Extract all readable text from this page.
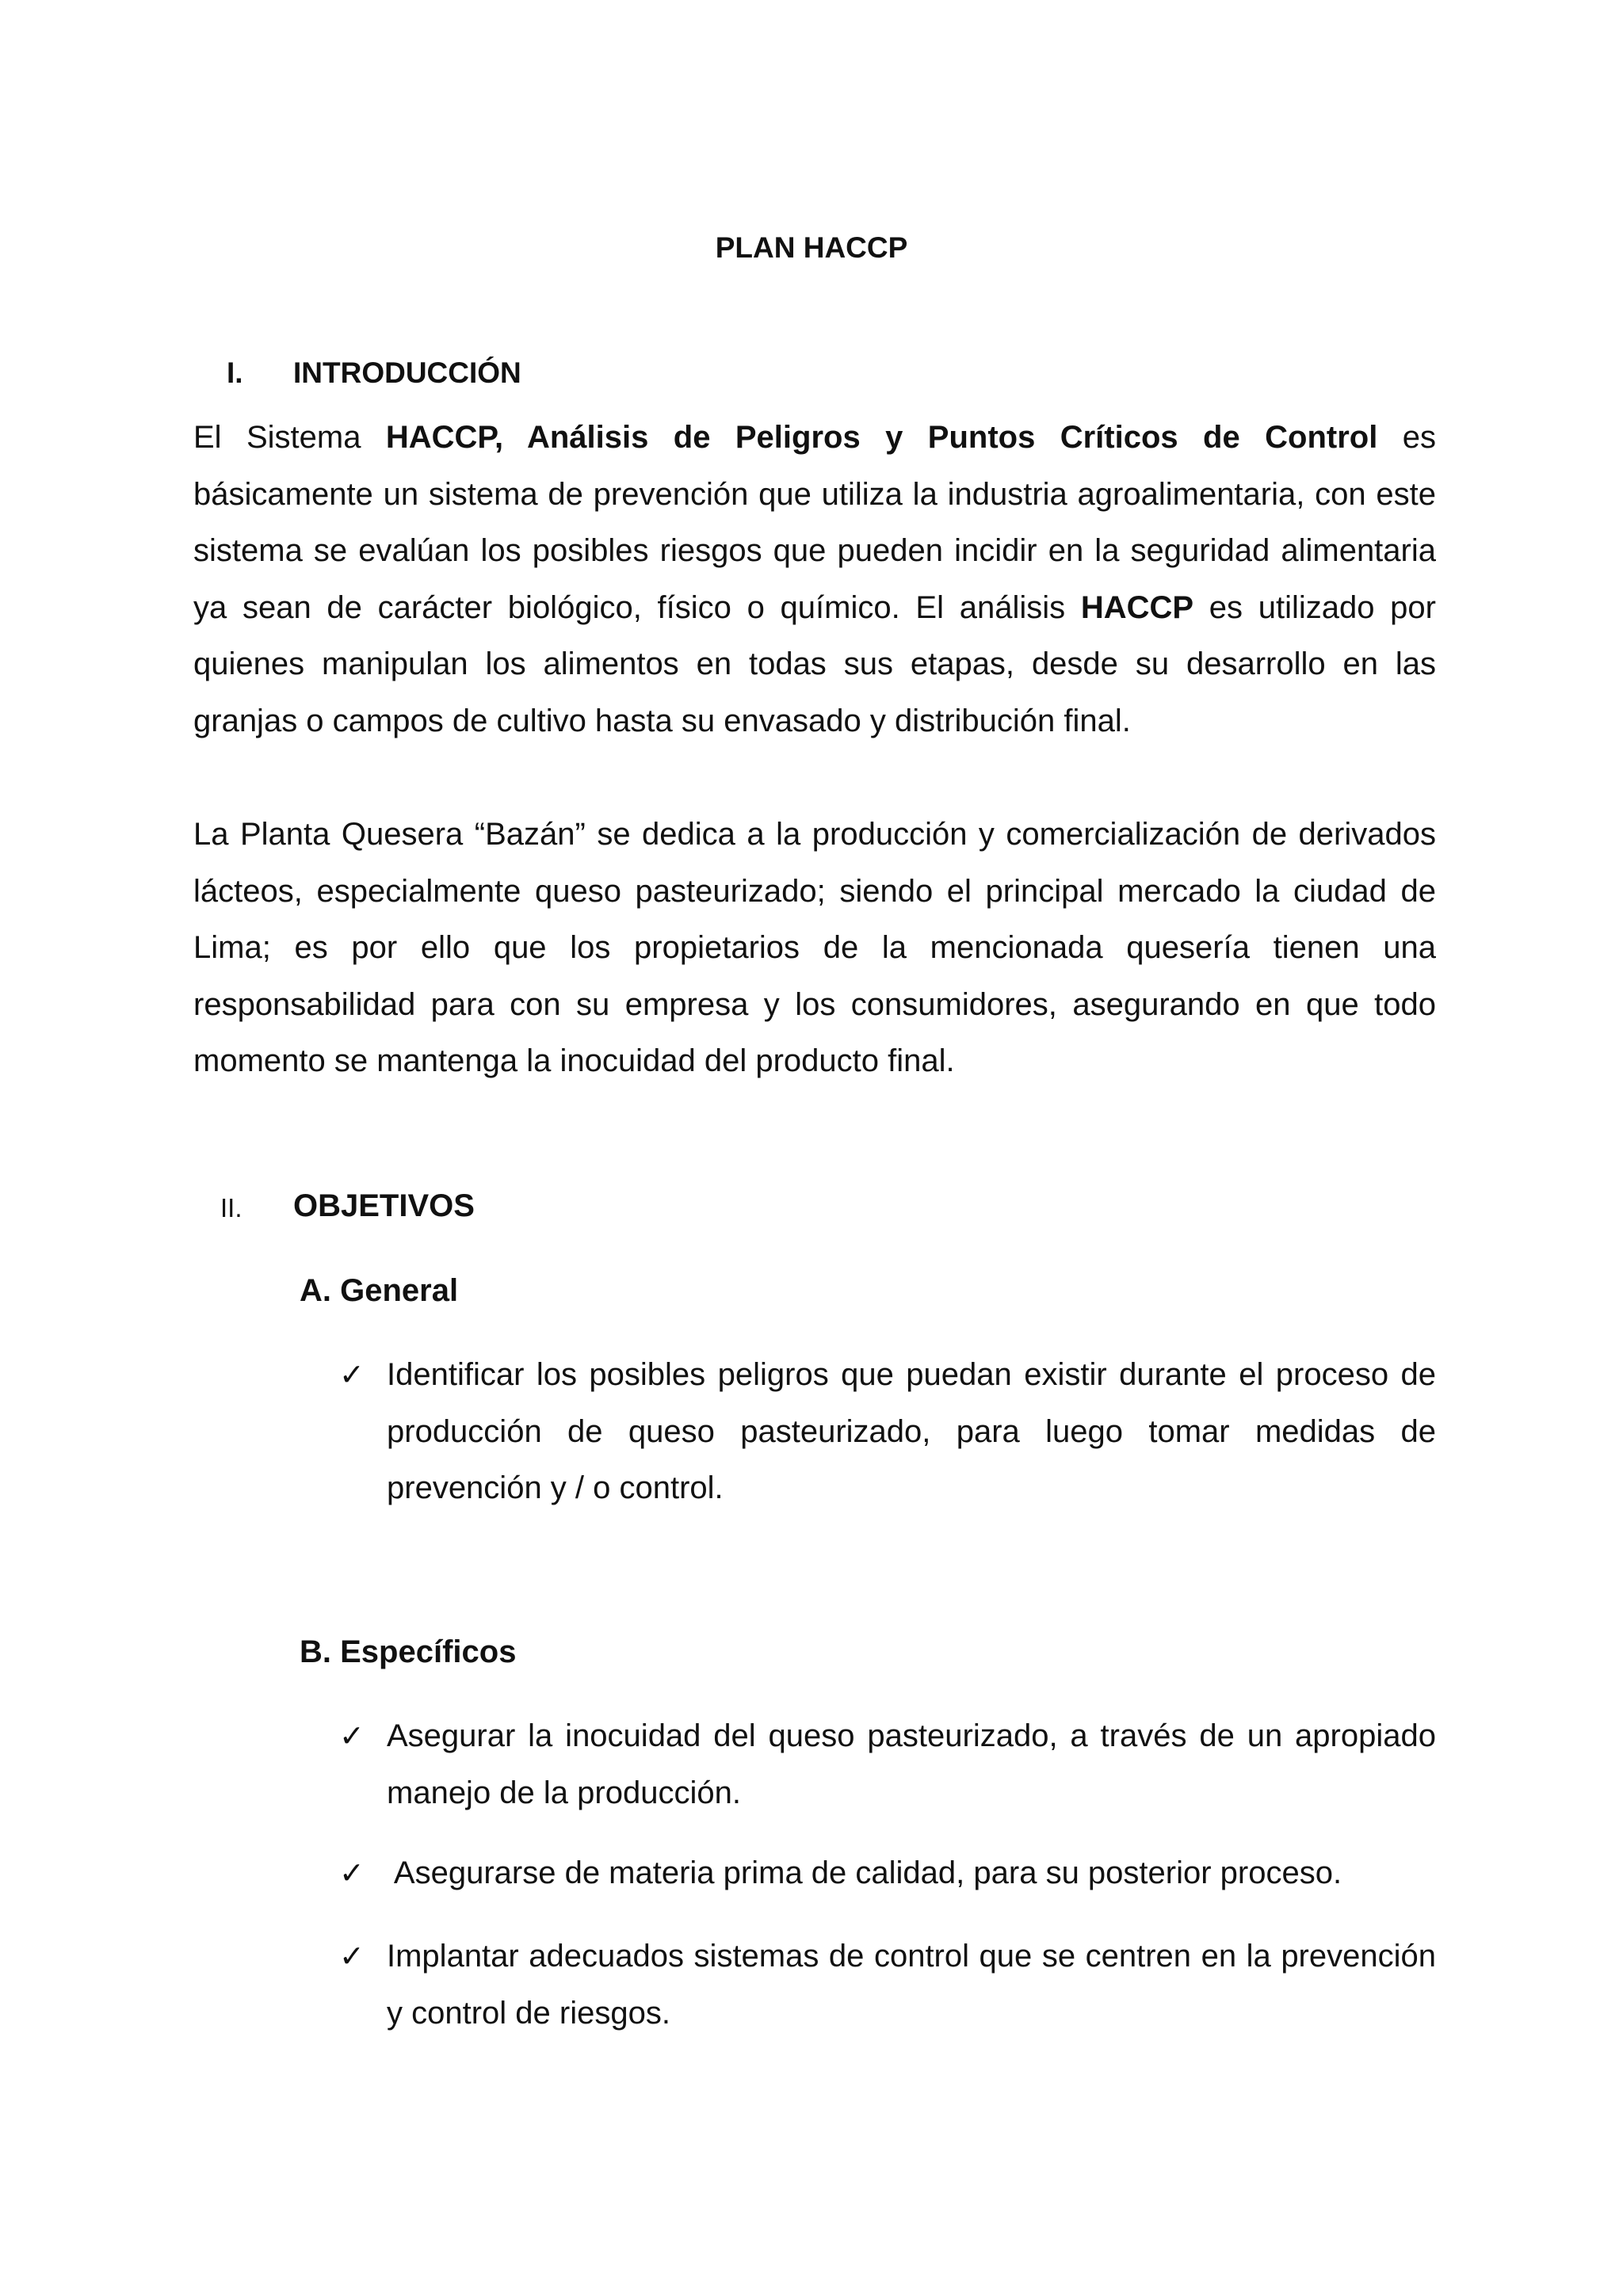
PLAN HACCP
I. INTRODUCCIÓN
El Sistema HACCP, Análisis de Peligros y Puntos Críticos de Control es básicamente un sistema de prevención que utiliza la industria agroalimentaria, con este sistema se evalúan los posibles riesgos que pueden incidir en la seguridad alimentaria ya sean de carácter biológico, físico o químico. El análisis HACCP es utilizado por quienes manipulan los alimentos en todas sus etapas, desde su desarrollo en las granjas o campos de cultivo hasta su envasado y distribución final.
La Planta Quesera “Bazán” se dedica a la producción y comercialización de derivados lácteos, especialmente queso pasteurizado; siendo el principal mercado la ciudad de Lima; es por ello que los propietarios de la mencionada quesería tienen una responsabilidad para con su empresa y los consumidores, asegurando en que todo momento se mantenga la inocuidad del producto final.
II. OBJETIVOS
A. General
✓ Identificar los posibles peligros que puedan existir durante el proceso de producción de queso pasteurizado, para luego tomar medidas de prevención y / o control.
B. Específicos
✓ Asegurar la inocuidad del queso pasteurizado, a través de un apropiado manejo de la producción.
✓ Asegurarse de materia prima de calidad, para su posterior proceso.
✓ Implantar adecuados sistemas de control que se centren en la prevención y control de riesgos.
